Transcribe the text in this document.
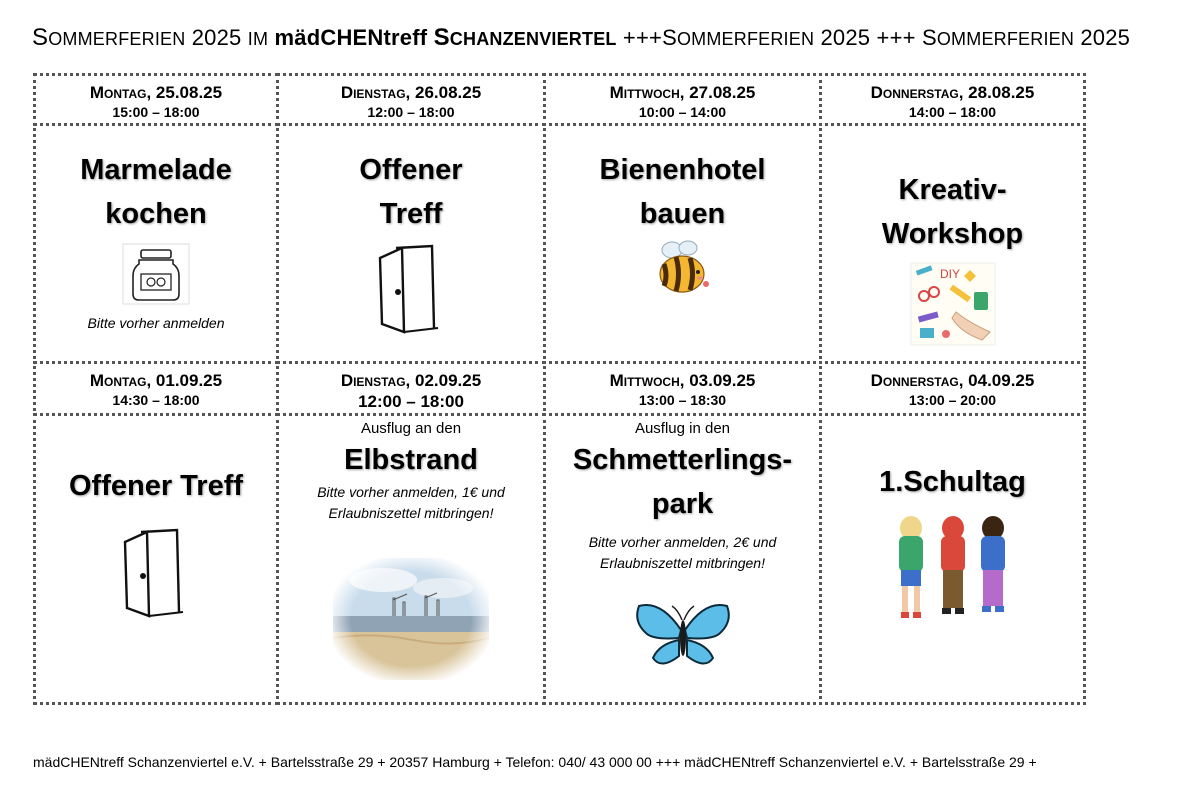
SOMMERFERIEN 2025 IM mädCHENtreff SCHANZENVIERTEL +++SOMMERFERIEN 2025 +++ SOMMERFERIEN 2025
Montag, 25.08.25
15:00 – 18:00
Dienstag, 26.08.25
12:00 – 18:00
Mittwoch, 27.08.25
10:00 – 14:00
Donnerstag, 28.08.25
14:00 – 18:00
Marmelade
kochen
Bitte vorher anmelden
Offener
Treff
Bienenhotel
bauen
Kreativ-
Workshop
DIY
Montag, 01.09.25
14:30 – 18:00
Dienstag, 02.09.25
12:00 – 18:00
Mittwoch, 03.09.25
13:00 – 18:30
Donnerstag, 04.09.25
13:00 – 20:00
Offener Treff
Ausflug an den
Elbstrand
Bitte vorher anmelden, 1€ und
Erlaubniszettel mitbringen!
Ausflug in den
Schmetterlings-
park
Bitte vorher anmelden, 2€ und
Erlaubniszettel mitbringen!
1.Schultag
mädCHENtreff Schanzenviertel e.V. + Bartelsstraße 29 + 20357 Hamburg + Telefon: 040/ 43 000 00 +++ mädCHENtreff Schanzenviertel e.V. + Bartelsstraße 29 +
